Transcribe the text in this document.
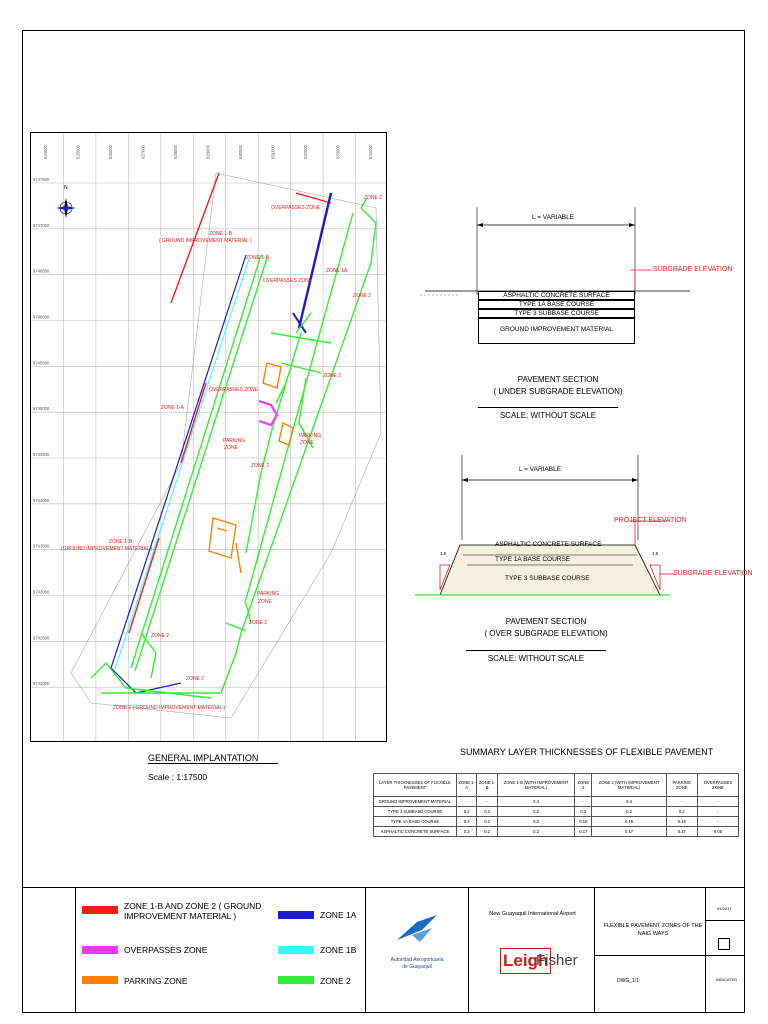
9747500
9747000
9746500
9746000
9745500
9745000
9744500
9744000
9743500
9743000
9742500
9742000
624000	625000	626000	627000	628000	629000	630000	631000	632000	633000	634000
N
ZONE 2
OVERPASSES ZONE
ZONE 1-B
( GROUND IMPROVEMENT MATERIAL )
ZONE 1-B
ZONE 1A
OVERPASSES ZONE
ZONE 2
ZONE 2
OVERPASSES ZONE
ZONE 1-A
PARKING
ZONE
PARKING
ZONE
ZONE 2
ZONE 1-B
(GROUND IMPROVEMENT MATERIAL )
PARKING
ZONE
ZONE 2
ZONE 2
ZONE 2
ZONE 2 ( GROUND IMPROVEMENT MATERIAL )
GENERAL IMPLANTATION
Scale : 1:17500
L = VARIABLE
SUBGRADE ELEVATION
ASPHALTIC CONCRETE SURFACE
TYPE 1A BASE COURSE
TYPE 3 SUBBASE COURSE
GROUND IMPROVEMENT MATERIAL
PAVEMENT SECTION
( UNDER SUBGRADE ELEVATION)
SCALE: WITHOUT SCALE
L = VARIABLE
PROJECT ELEVATION
SUBGRADE ELEVATION
1.5	1.5
ASPHALTIC CONCRETE SURFACE
TYPE 1A BASE COURSE
TYPE 3 SUBBASE COURSE
PAVEMENT SECTION
( OVER SUBGRADE ELEVATION)
SCALE: WITHOUT SCALE
SUMMARY LAYER THICKNESSES OF FLEXIBLE PAVEMENT
LAYER THICKNESSES OF FLEXIBLE PAVEMENT	ZONE 1-A	ZONE 1-B	ZONE 1-B (WITH IMPROVEMENT MATERIAL)	ZONE 2	ZONE 2 (WITH IMPROVEMENT MATERIAL)	PARKING ZONE	OVERPASSES ZONE
GROUND IMPROVEMENT MATERIAL	-	-	0.4	-	0.4	-	-
TYPE 3 SUBBASE COURSE	0.2	0.2	0.2	0.3	0.2	0.2	-
TYPE 1A BASE COURSE	0.2	0.2	0.2	0.15	0.15	0.15	-
ASPHALTIC CONCRETE SURFACE	0.2	0.2	0.2	0.17	0.17	0.17	0.05
ZONE 1-B AND ZONE 2 ( GROUND IMPROVEMENT MATERIAL )
OVERPASSES ZONE
PARKING ZONE
ZONE 1A
ZONE 1B
ZONE 2
Autoridad Aeroportuaria
de Guayaquil
New Guayaquil International Airport
Leigh
Fisher
FLEXIBLE PAVEMENT ZONES OF THE NAIG WAYS
DWG_1/1
04/2017
INDICATED
